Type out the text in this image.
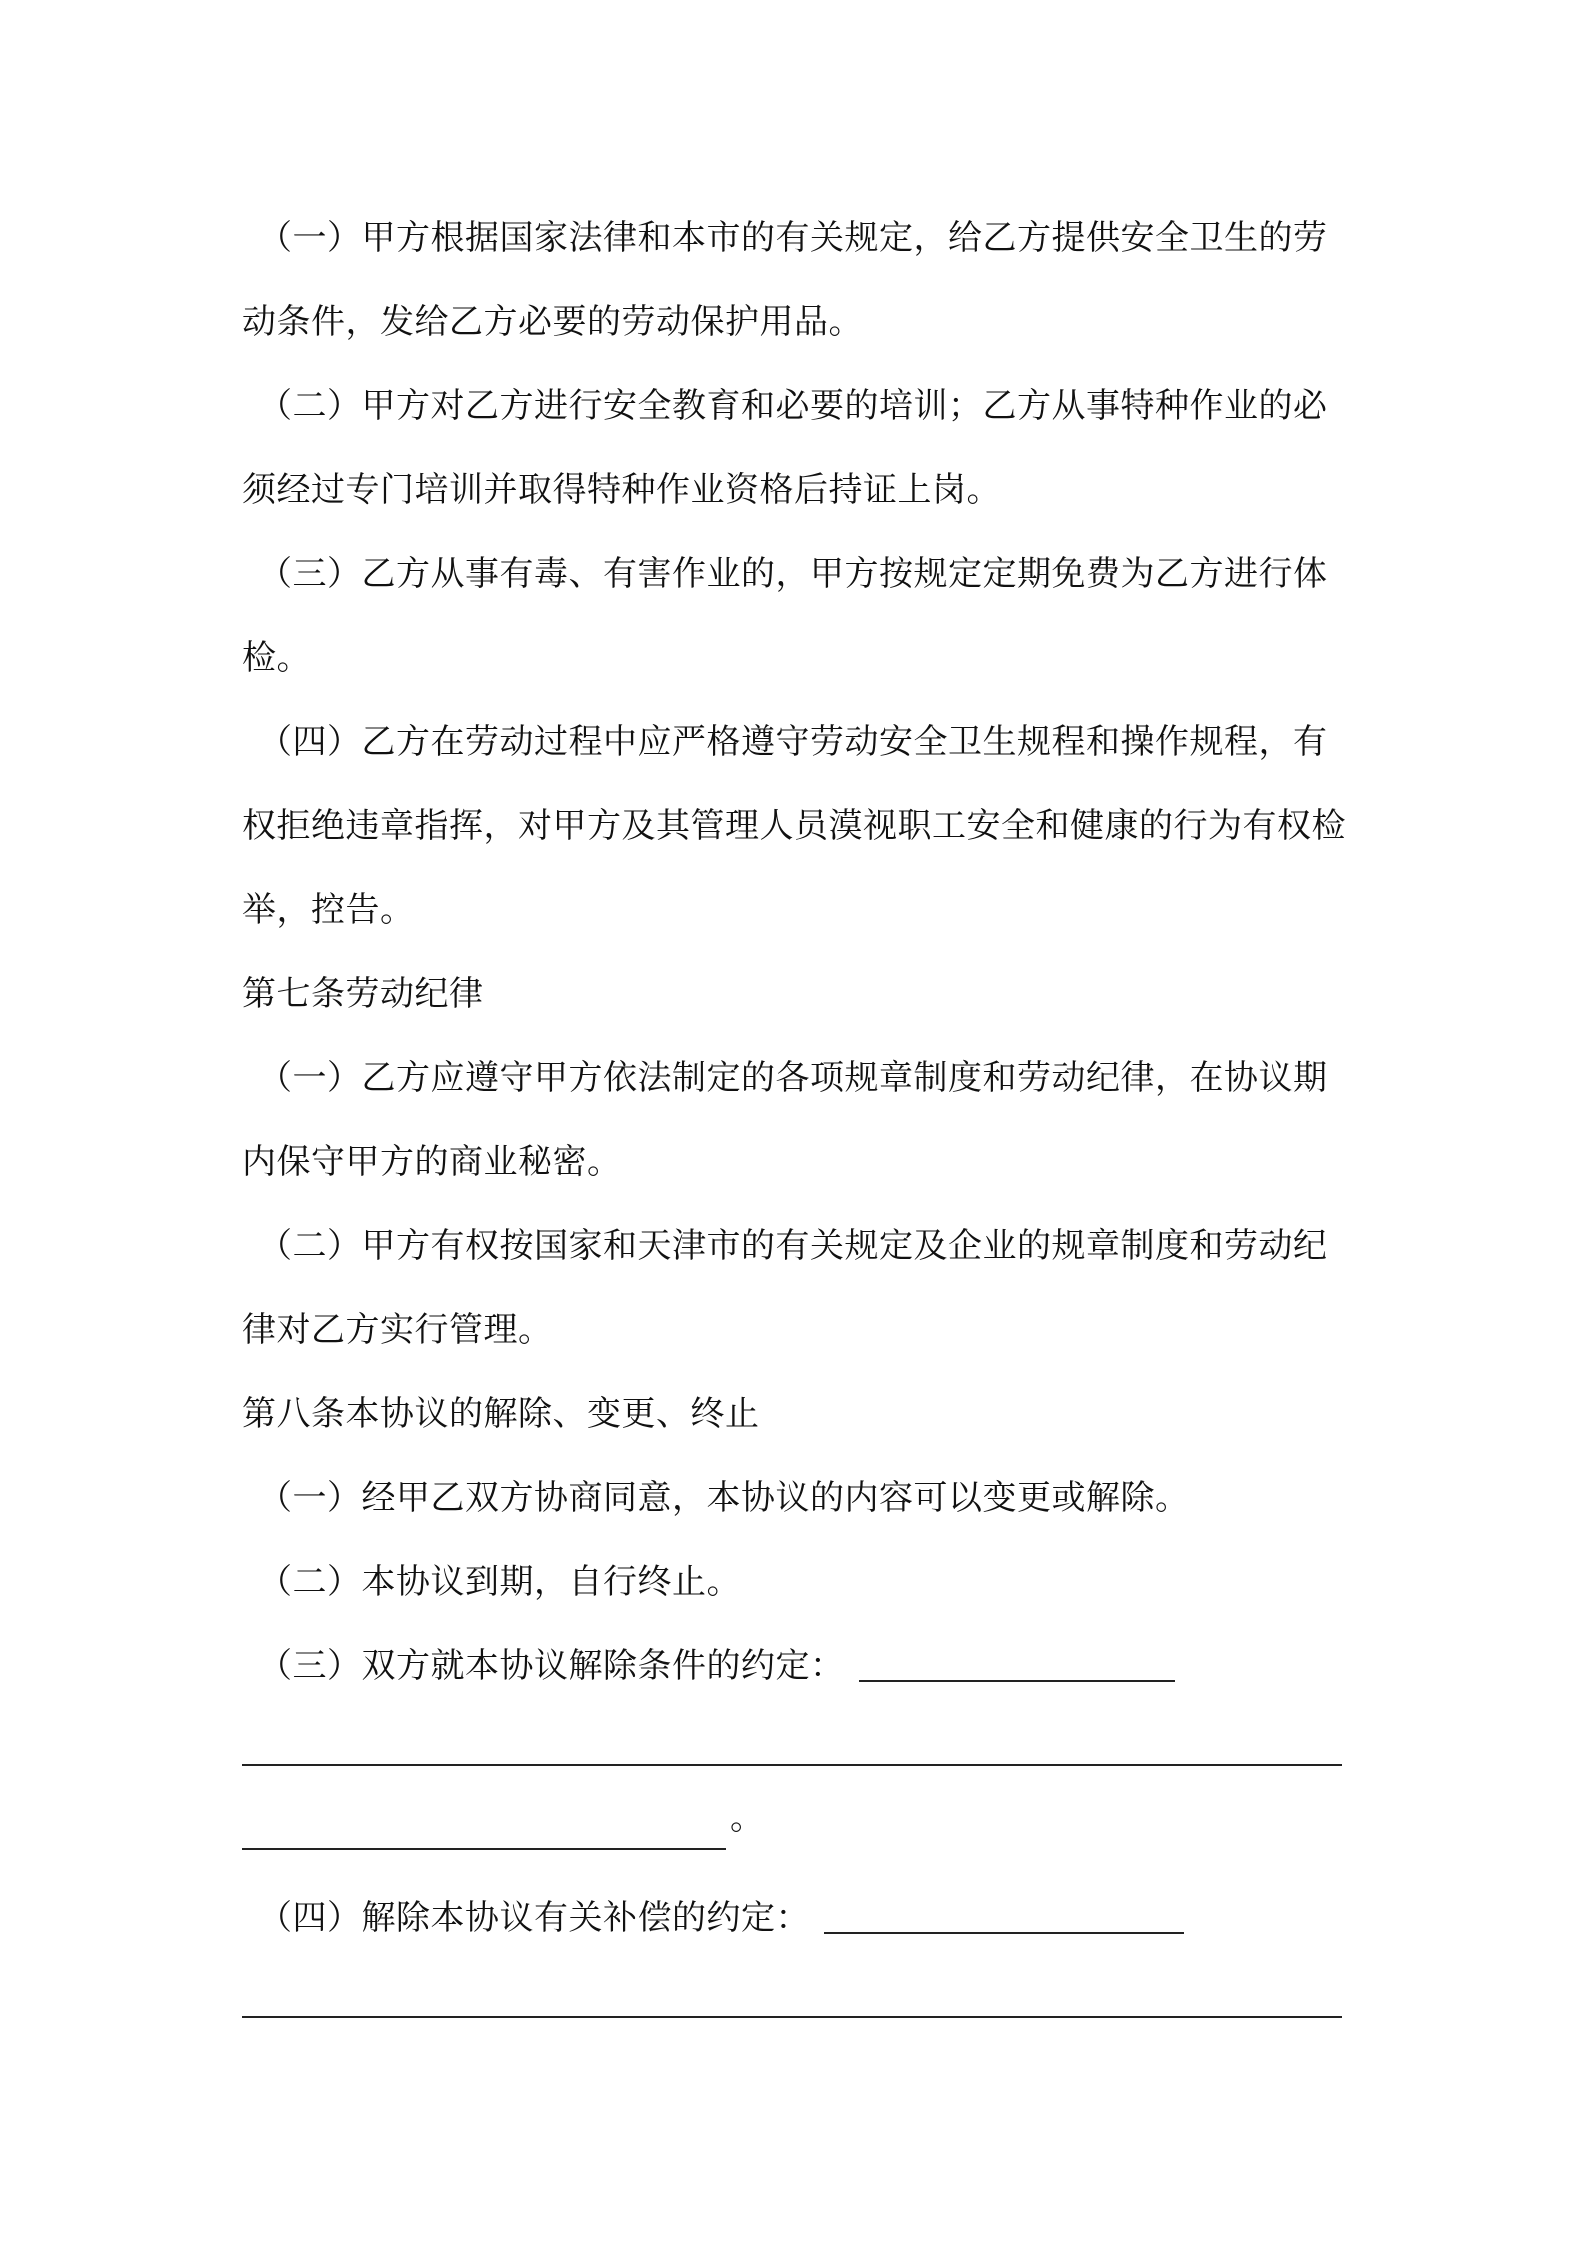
（一）甲方根据国家法律和本市的有关规定，给乙方提供安全卫生的劳动条件，发给乙方必要的劳动保护用品。

（二）甲方对乙方进行安全教育和必要的培训；乙方从事特种作业的必须经过专门培训并取得特种作业资格后持证上岗。

（三）乙方从事有毒、有害作业的，甲方按规定定期免费为乙方进行体检。

（四）乙方在劳动过程中应严格遵守劳动安全卫生规程和操作规程，有权拒绝违章指挥，对甲方及其管理人员漠视职工安全和健康的行为有权检举，控告。

第七条劳动纪律

（一）乙方应遵守甲方依法制定的各项规章制度和劳动纪律，在协议期内保守甲方的商业秘密。

（二）甲方有权按国家和天津市的有关规定及企业的规章制度和劳动纪律对乙方实行管理。

第八条本协议的解除、变更、终止

（一）经甲乙双方协商同意，本协议的内容可以变更或解除。

（二）本协议到期，自行终止。

（三）双方就本协议解除条件的约定：

。

（四）解除本协议有关补偿的约定：
